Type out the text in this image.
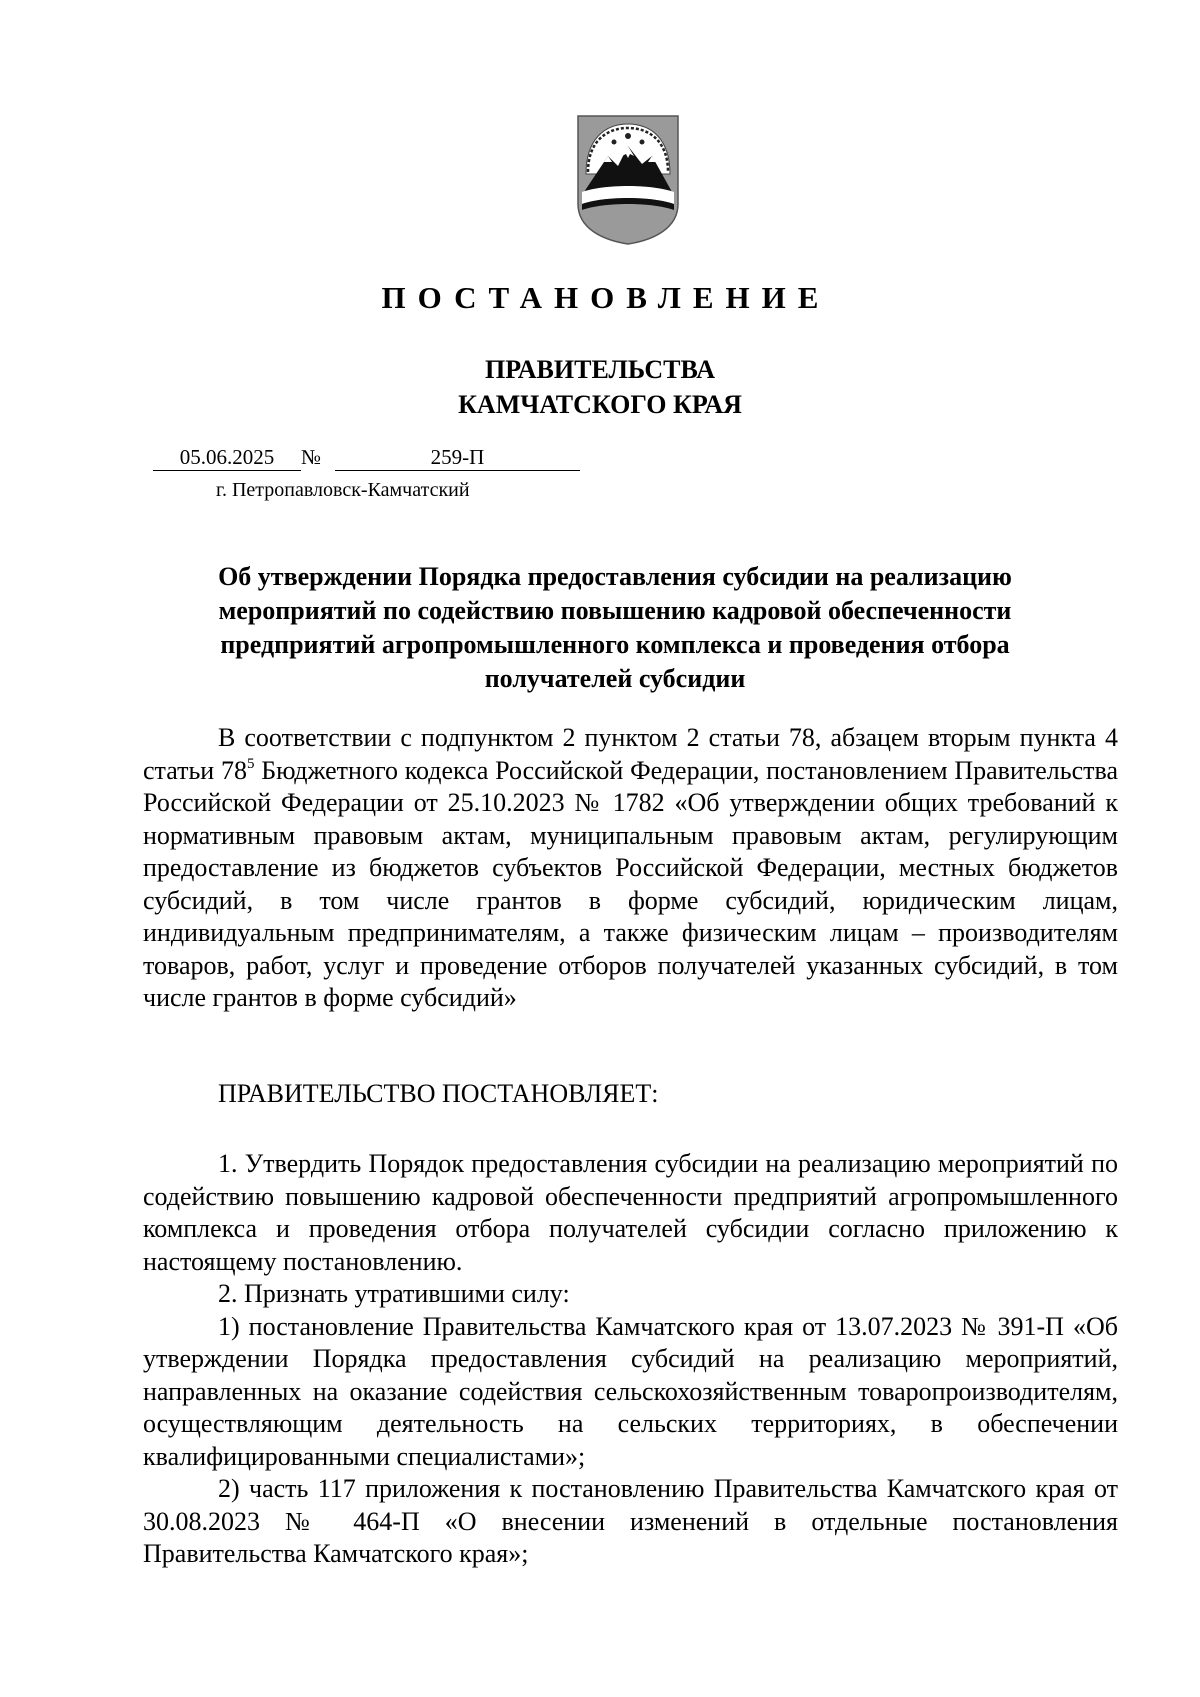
ПОСТАНОВЛЕНИЕ
ПРАВИТЕЛЬСТВА
КАМЧАТСКОГО КРАЯ
05.06.2025	№	259-П
г. Петропавловск-Камчатский
Об утверждении Порядка предоставления субсидии на реализацию мероприятий по содействию повышению кадровой обеспеченности предприятий агропромышленного комплекса и проведения отбора получателей субсидии

В соответствии с подпунктом 2 пунктом 2 статьи 78, абзацем вторым пункта 4 статьи $78^5$ Бюджетного кодекса Российской Федерации, постановлением Правительства Российской Федерации от 25.10.2023 № 1782 «Об утверждении общих требований к нормативным правовым актам, муниципальным правовым актам, регулирующим предоставление из бюджетов субъектов Российской Федерации, местных бюджетов субсидий, в том числе грантов в форме субсидий, юридическим лицам, индивидуальным предпринимателям, а также физическим лицам – производителям товаров, работ, услуг и проведение отборов получателей указанных субсидий, в том числе грантов в форме субсидий»

ПРАВИТЕЛЬСТВО ПОСТАНОВЛЯЕТ:

1. Утвердить Порядок предоставления субсидии на реализацию мероприятий по содействию повышению кадровой обеспеченности предприятий агропромышленного комплекса и проведения отбора получателей субсидии согласно приложению к настоящему постановлению.

2. Признать утратившими силу:

1) постановление Правительства Камчатского края от 13.07.2023 № 391-П «Об утверждении Порядка предоставления субсидий на реализацию мероприятий, направленных на оказание содействия сельскохозяйственным товаропроизводителям, осуществляющим деятельность на сельских территориях, в обеспечении квалифицированными специалистами»;

2) часть 117 приложения к постановлению Правительства Камчатского края от 30.08.2023 № 464-П «О внесении изменений в отдельные постановления Правительства Камчатского края»;
